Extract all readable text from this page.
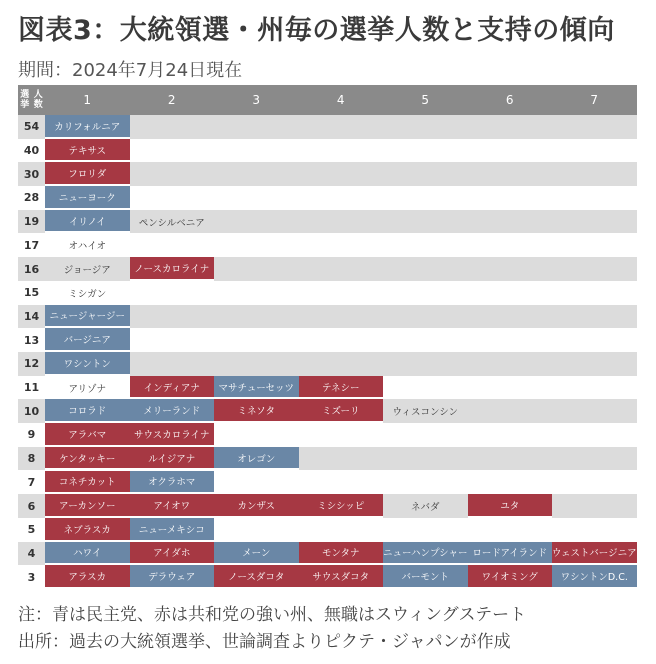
図表3：大統領選・州毎の選挙人数と支持の傾向
期間：2024年7月24日現在
選挙
人数	1	2	3	4	5	6	7
54	カリフォルニア
40	テキサス
30	フロリダ
28	ニューヨーク
19	イリノイ	ペンシルベニア
17	オハイオ
16	ジョージア	ノースカロライナ
15	ミシガン
14	ニュージャージー
13	バージニア
12	ワシントン
11	アリゾナ	インディアナ	マサチューセッツ	テネシー
10	コロラド	メリーランド	ミネソタ	ミズーリ	ウィスコンシン
9	アラバマ	サウスカロライナ
8	ケンタッキー	ルイジアナ	オレゴン
7	コネチカット	オクラホマ
6	アーカンソー	アイオワ	カンザス	ミシシッピ	ネバダ	ユタ
5	ネブラスカ	ニューメキシコ
4	ハワイ	アイダホ	メーン	モンタナ	ニューハンプシャー ロードアイランド ウェストバージニア
3	アラスカ	デラウェア	ノースダコタ	サウスダコタ	バーモント	ワイオミング	ワシントンD.C.
注：青は民主党、赤は共和党の強い州、無職はスウィングステート
出所：過去の大統領選挙、世論調査よりピクテ・ジャパンが作成
